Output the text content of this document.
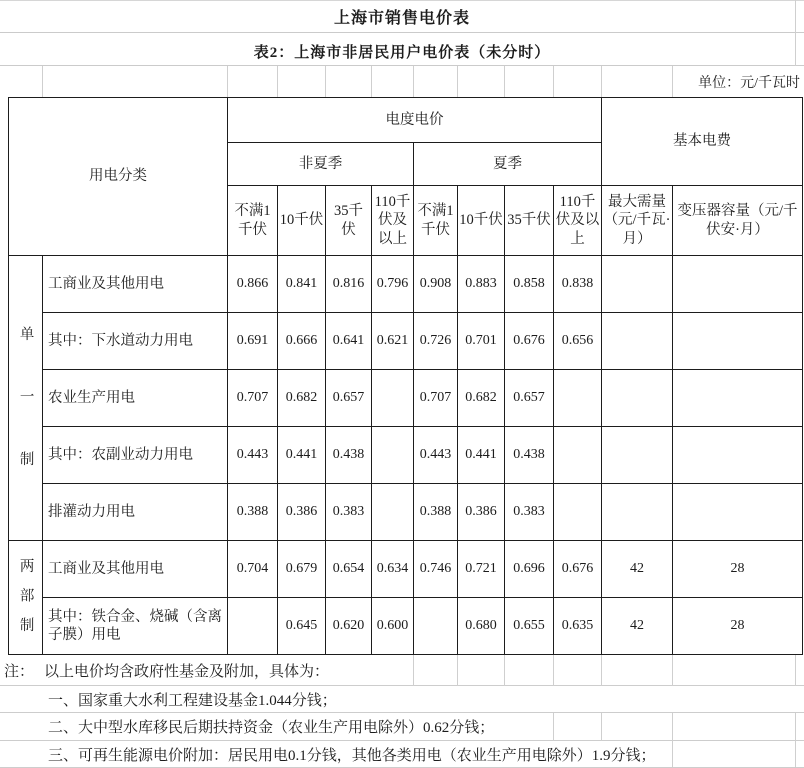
上海市销售电价表
表2：上海市非居民用户电价表（未分时）
单位：元/千瓦时
用电分类		电度电价								基本电费	
		非夏季				夏季					
		不满1千伏	10千伏	35千伏	110千伏及以上	不满1千伏	10千伏	35千伏	110千伏及以上	最大需量（元/千瓦·月）	变压器容量（元/千伏安·月）
单一制	工商业及其他用电	0.866	0.841	0.816	0.796	0.908	0.883	0.858	0.838		
	其中：下水道动力用电	0.691	0.666	0.641	0.621	0.726	0.701	0.676	0.656		
	农业生产用电	0.707	0.682	0.657		0.707	0.682	0.657			
	其中：农副业动力用电	0.443	0.441	0.438		0.443	0.441	0.438			
	排灌动力用电	0.388	0.386	0.383		0.388	0.386	0.383			
两部制	工商业及其他用电	0.704	0.679	0.654	0.634	0.746	0.721	0.696	0.676	42	28
	其中：铁合金、烧碱（含离子膜）用电		0.645	0.620	0.600		0.680	0.655	0.635	42	28
注： 以上电价均含政府性基金及附加，具体为：
一、国家重大水利工程建设基金1.044分钱；
二、大中型水库移民后期扶持资金（农业生产用电除外）0.62分钱；
三、可再生能源电价附加：居民用电0.1分钱，其他各类用电（农业生产用电除外）1.9分钱；
